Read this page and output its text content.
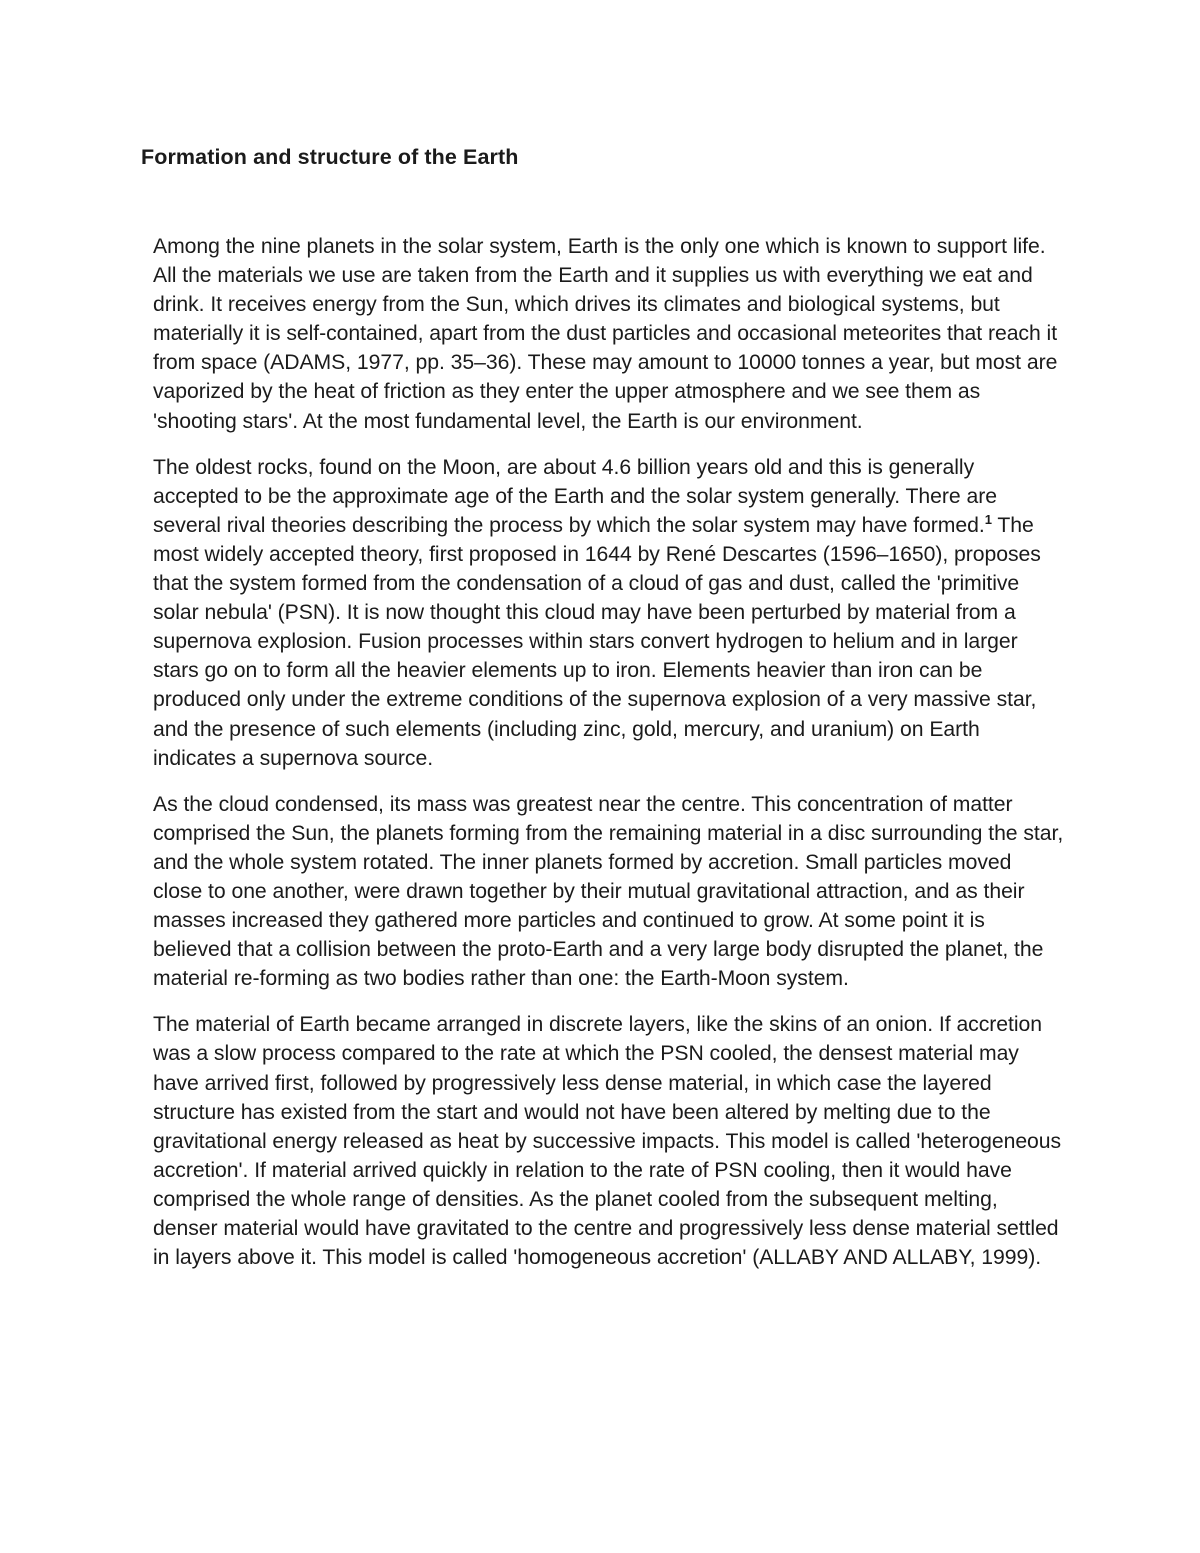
Formation and structure of the Earth

Among the nine planets in the solar system, Earth is the only one which is known to support life. All the materials we use are taken from the Earth and it supplies us with everything we eat and drink. It receives energy from the Sun, which drives its climates and biological systems, but materially it is self-contained, apart from the dust particles and occasional meteorites that reach it from space (ADAMS, 1977, pp. 35–36). These may amount to 10000 tonnes a year, but most are vaporized by the heat of friction as they enter the upper atmosphere and we see them as 'shooting stars'. At the most fundamental level, the Earth is our environment.

The oldest rocks, found on the Moon, are about 4.6 billion years old and this is generally accepted to be the approximate age of the Earth and the solar system generally. There are several rival theories describing the process by which the solar system may have formed.$^1$ The most widely accepted theory, first proposed in 1644 by René Descartes (1596–1650), proposes that the system formed from the condensation of a cloud of gas and dust, called the 'primitive solar nebula' (PSN). It is now thought this cloud may have been perturbed by material from a supernova explosion. Fusion processes within stars convert hydrogen to helium and in larger stars go on to form all the heavier elements up to iron. Elements heavier than iron can be produced only under the extreme conditions of the supernova explosion of a very massive star, and the presence of such elements (including zinc, gold, mercury, and uranium) on Earth indicates a supernova source.

As the cloud condensed, its mass was greatest near the centre. This concentration of matter comprised the Sun, the planets forming from the remaining material in a disc surrounding the star, and the whole system rotated. The inner planets formed by accretion. Small particles moved close to one another, were drawn together by their mutual gravitational attraction, and as their masses increased they gathered more particles and continued to grow. At some point it is believed that a collision between the proto-Earth and a very large body disrupted the planet, the material re-forming as two bodies rather than one: the Earth-Moon system.

The material of Earth became arranged in discrete layers, like the skins of an onion. If accretion was a slow process compared to the rate at which the PSN cooled, the densest material may have arrived first, followed by progressively less dense material, in which case the layered structure has existed from the start and would not have been altered by melting due to the gravitational energy released as heat by successive impacts. This model is called 'heterogeneous accretion'. If material arrived quickly in relation to the rate of PSN cooling, then it would have comprised the whole range of densities. As the planet cooled from the subsequent melting, denser material would have gravitated to the centre and progressively less dense material settled in layers above it. This model is called 'homogeneous accretion' (ALLABY AND ALLABY, 1999).
